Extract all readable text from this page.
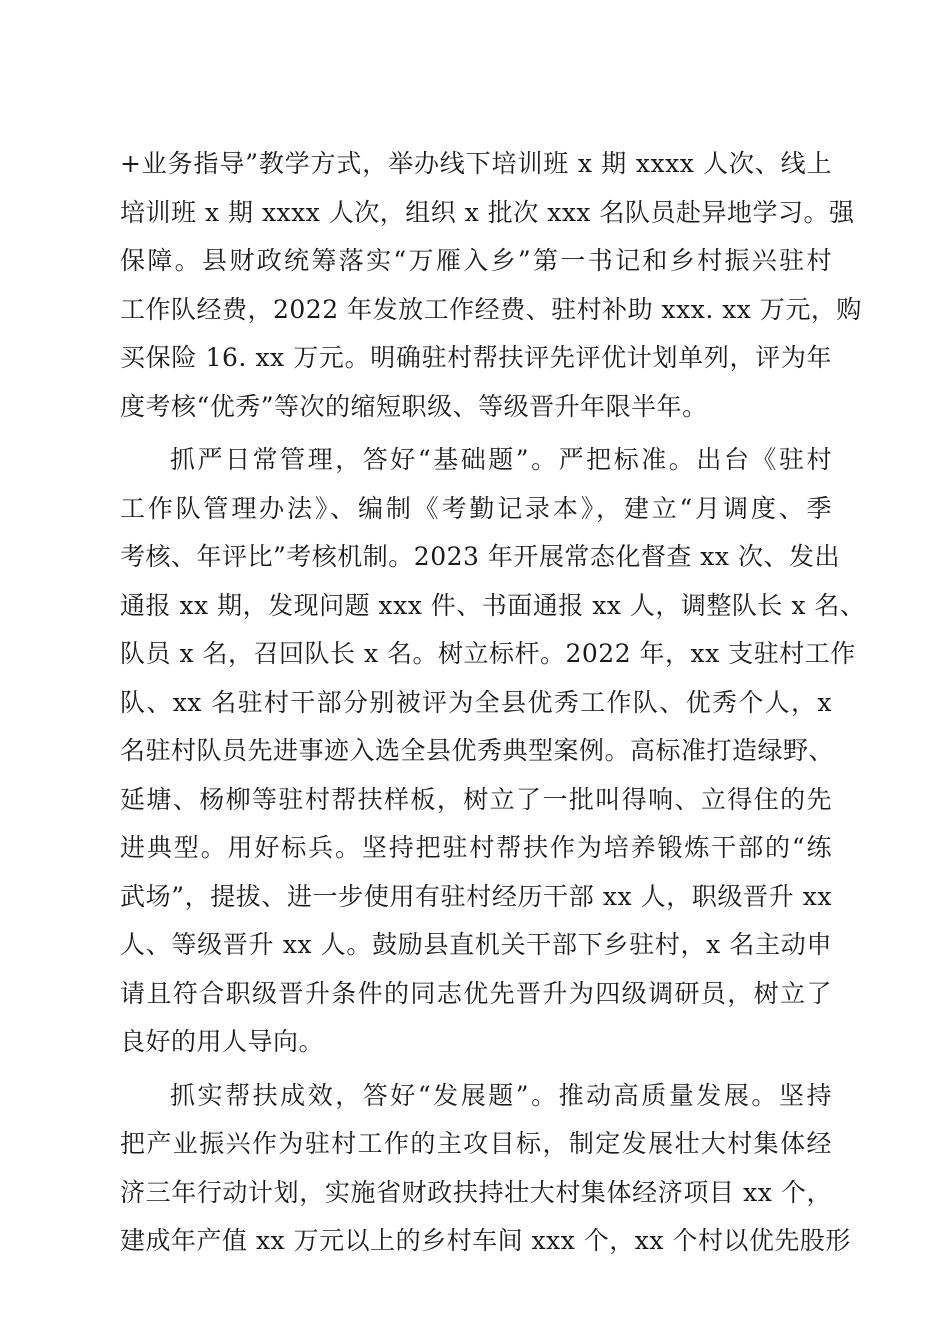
+业务指导”教学方式，举办线下培训班 x 期 xxxx 人次、线上
培训班 x 期 xxxx 人次，组织 x 批次 xxx 名队员赴异地学习。强
保障。县财政统筹落实“万雁入乡”第一书记和乡村振兴驻村
工作队经费，2022 年发放工作经费、驻村补助 xxx. xx 万元，购
买保险 16. xx 万元。明确驻村帮扶评先评优计划单列，评为年
度考核“优秀”等次的缩短职级、等级晋升年限半年。
抓严日常管理，答好“基础题”。严把标准。出台《驻村
工作队管理办法》、编制《考勤记录本》，建立“月调度、季
考核、年评比”考核机制。2023 年开展常态化督查 xx 次、发出
通报 xx 期，发现问题 xxx 件、书面通报 xx 人，调整队长 x 名、
队员 x 名，召回队长 x 名。树立标杆。2022 年，xx 支驻村工作
队、xx 名驻村干部分别被评为全县优秀工作队、优秀个人，x
名驻村队员先进事迹入选全县优秀典型案例。高标准打造绿野、
延塘、杨柳等驻村帮扶样板，树立了一批叫得响、立得住的先
进典型。用好标兵。坚持把驻村帮扶作为培养锻炼干部的“练
武场”，提拔、进一步使用有驻村经历干部 xx 人，职级晋升 xx
人、等级晋升 xx 人。鼓励县直机关干部下乡驻村，x 名主动申
请且符合职级晋升条件的同志优先晋升为四级调研员，树立了
良好的用人导向。
抓实帮扶成效，答好“发展题”。推动高质量发展。坚持
把产业振兴作为驻村工作的主攻目标，制定发展壮大村集体经
济三年行动计划，实施省财政扶持壮大村集体经济项目 xx 个，
建成年产值 xx 万元以上的乡村车间 xxx 个，xx 个村以优先股形
